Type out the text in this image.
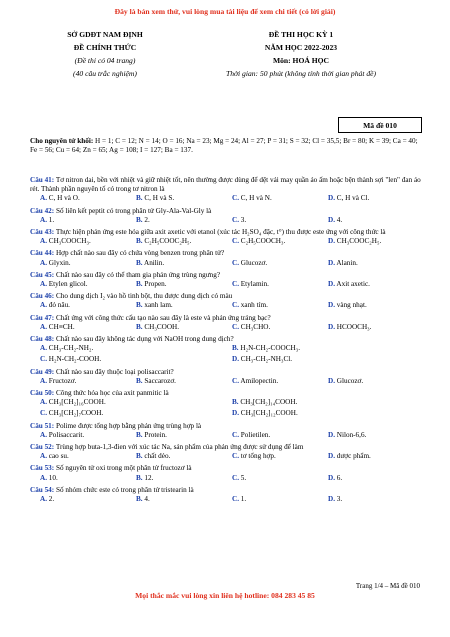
Đây là bản xem thử, vui lòng mua tài liệu để xem chi tiết (có lời giải)
SỞ GDĐT NAM ĐỊNH	ĐỀ THI HỌC KỲ 1
ĐỀ CHÍNH THỨC	NĂM HỌC 2022-2023
(Đề thi có 04 trang)	Môn: HOÁ HỌC
(40 câu trắc nghiệm)	Thời gian: 50 phút (không tính thời gian phát đề)
Mã đề 010
Cho nguyên tử khối: H = 1; C = 12; N = 14; O = 16; Na = 23; Mg = 24; Al = 27; P = 31; S = 32; Cl = 35,5; Br = 80; K = 39; Ca = 40; Fe = 56; Cu = 64; Zn = 65; Ag = 108; I = 127; Ba = 137.
Câu 41: Tơ nitron dai, bền với nhiệt và giữ nhiệt tốt, nên thường được dùng để dệt vải may quần áo ấm hoặc bện thành sợi "len" đan áo rét. Thành phần nguyên tố có trong tơ nitron là
A. C, H và O.	B. C, H và S.	C. C, H và N.	D. C, H và Cl.
Câu 42: Số liên kết peptit có trong phân tử Gly-Ala-Val-Gly là
A. 1.	B. 2.	C. 3.	D. 4.
Câu 43: Thực hiện phản ứng este hóa giữa axit axetic với etanol (xúc tác H₂SO₄ đặc, t°) thu được este ứng với công thức là
A. CH₃COOCH₃.	B. C₂H₅COOC₂H₅.	C. C₂H₅COOCH₃.	D. CH₃COOC₂H₅.
Câu 44: Hợp chất nào sau đây có chứa vòng benzen trong phân tử?
A. Glyxin.	B. Anilin.	C. Glucozơ.	D. Alanin.
Câu 45: Chất nào sau đây có thể tham gia phản ứng trùng ngưng?
A. Etylen glicol.	B. Propen.	C. Etylamin.	D. Axit axetic.
Câu 46: Cho dung dịch I₂ vào hồ tinh bột, thu được dung dịch có màu
A. đỏ nâu.	B. xanh lam.	C. xanh tím.	D. vàng nhạt.
Câu 47: Chất ứng với công thức cấu tạo nào sau đây là este và phản ứng tráng bạc?
A. CH≡CH.	B. CH₃COOH.	C. CH₃CHO.	D. HCOOCH₃.
Câu 48: Chất nào sau đây không tác dụng với NaOH trong dung dịch?
A. CH₃-CH₂-NH₂.	B. H₂N-CH₂-COOCH₃.
C. H₂N-CH₂-COOH.	D. CH₃-CH₂-NH₃Cl.
Câu 49: Chất nào sau đây thuộc loại polisaccarit?
A. Fructozơ.	B. Saccarozơ.	C. Amilopectin.	D. Glucozơ.
Câu 50: Công thức hóa học của axit panmitic là
A. CH₃[CH₂]₁₆COOH.	B. CH₃[CH₂]₁₄COOH.
C. CH₃[CH₂]₇COOH.	D. CH₃[CH₂]₁₂COOH.
Câu 51: Polime được tổng hợp bằng phản ứng trùng hợp là
A. Polisaccarit.	B. Protein.	C. Polietilen.	D. Nilon-6,6.
Câu 52: Trùng hợp buta-1,3-đien với xúc tác Na, sản phẩm của phản ứng được sử dụng để làm
A. cao su.	B. chất dẻo.	C. tơ tổng hợp.	D. dược phẩm.
Câu 53: Số nguyên tử oxi trong một phân tử fructozơ là
A. 10.	B. 12.	C. 5.	D. 6.
Câu 54: Số nhóm chức este có trong phân tử tristearin là
A. 2.	B. 4.	C. 1.	D. 3.
Trang 1/4 – Mã đề 010
Mọi thắc mắc vui lòng xin liên hệ hotline: 084 283 45 85
